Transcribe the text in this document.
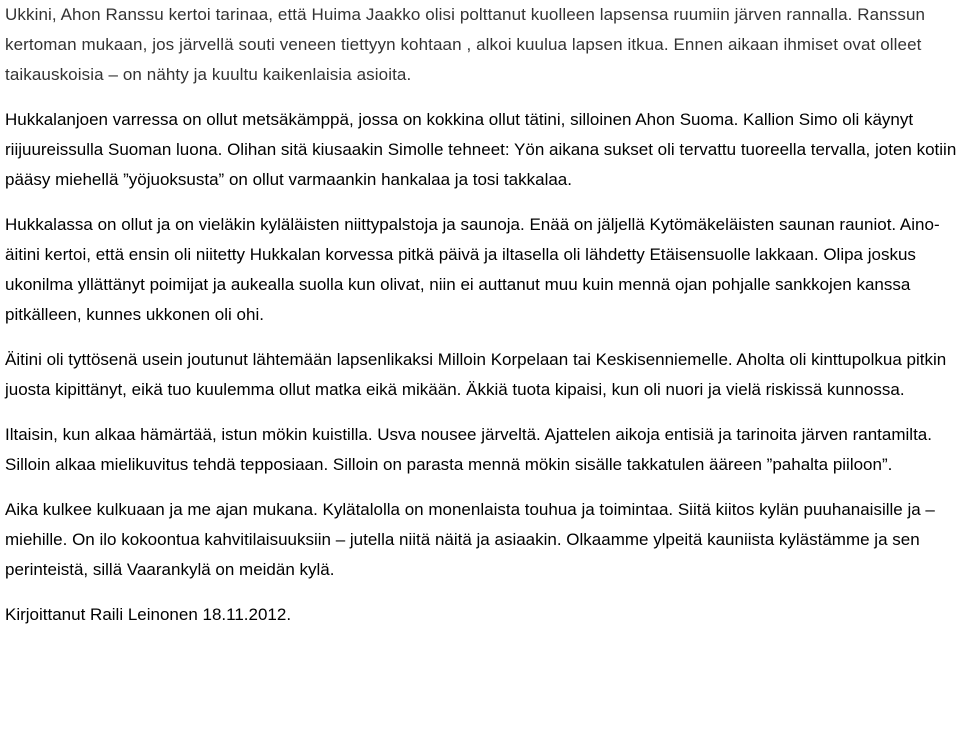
Ukkini, Ahon Ranssu kertoi tarinaa, että Huima Jaakko olisi polttanut kuolleen lapsensa ruumiin järven rannalla. Ranssun kertoman mukaan, jos järvellä souti veneen tiettyyn kohtaan , alkoi kuulua lapsen itkua. Ennen aikaan ihmiset ovat olleet taikauskoisia – on nähty ja kuultu kaikenlaisia asioita.

Hukkalanjoen varressa on ollut metsäkämppä, jossa on kokkina ollut tätini, silloinen Ahon Suoma. Kallion Simo oli käynyt riijuureissulla Suoman luona. Olihan sitä kiusaakin Simolle tehneet: Yön aikana sukset oli tervattu tuoreella tervalla, joten kotiin pääsy miehellä ”yöjuoksusta” on ollut varmaankin hankalaa ja tosi takkalaa.

Hukkalassa on ollut ja on vieläkin kyläläisten niittypalstoja ja saunoja. Enää on jäljellä Kytömäkeläisten saunan rauniot. Aino-äitini kertoi, että ensin oli niitetty Hukkalan korvessa pitkä päivä ja iltasella oli lähdetty Etäisensuolle lakkaan. Olipa joskus ukonilma yllättänyt poimijat ja aukealla suolla kun olivat, niin ei auttanut muu kuin mennä ojan pohjalle sankkojen kanssa pitkälleen, kunnes ukkonen oli ohi.

Äitini oli tyttösenä usein joutunut lähtemään lapsenlikaksi Milloin Korpelaan tai Keskisenniemelle. Aholta oli kinttupolkua pitkin juosta kipittänyt, eikä tuo kuulemma ollut matka eikä mikään. Äkkiä tuota kipaisi, kun oli nuori ja vielä riskissä kunnossa.

Iltaisin, kun alkaa hämärtää, istun mökin kuistilla. Usva nousee järveltä. Ajattelen aikoja entisiä ja tarinoita järven rantamilta. Silloin alkaa mielikuvitus tehdä tepposiaan. Silloin on parasta mennä mökin sisälle takkatulen ääreen ”pahalta piiloon”.

Aika kulkee kulkuaan ja me ajan mukana. Kylätalolla on monenlaista touhua ja toimintaa. Siitä kiitos kylän puuhanaisille ja –miehille. On ilo kokoontua kahvitilaisuuksiin – jutella niitä näitä ja asiaakin. Olkaamme ylpeitä kauniista kylästämme ja sen perinteistä, sillä Vaarankylä on meidän kylä.

Kirjoittanut Raili Leinonen 18.11.2012.
